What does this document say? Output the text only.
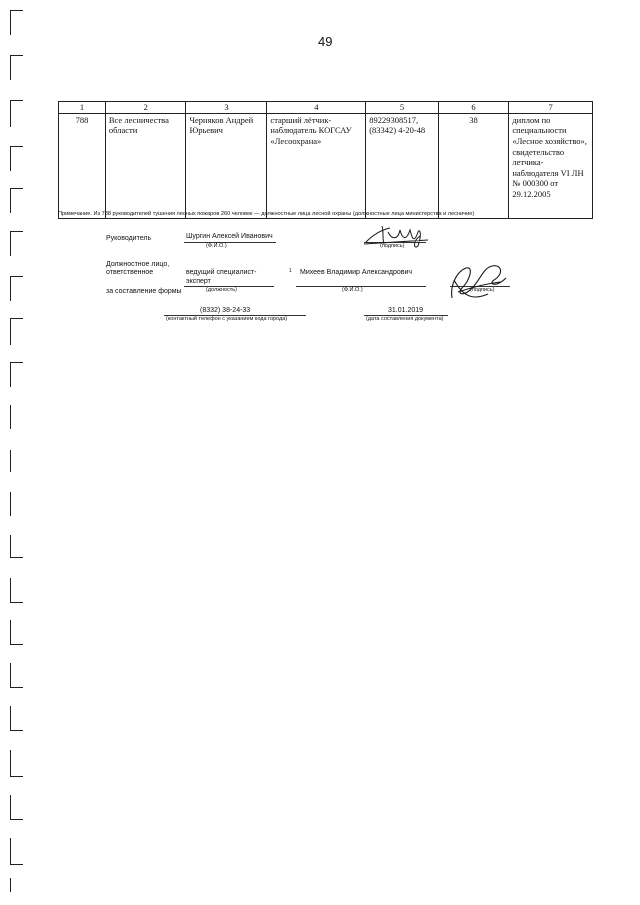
49
1	2	3	4	5	6	7
788	Все лесничества области	Черняков Андрей Юрьевич	старший лётчик-наблюдатель КОГСАУ «Лесоохрана»	89229308517, (83342) 4-20-48	38	диплом по специальности «Лесное хозяйство», свидетельство летчика-наблюдателя VI ЛН № 000300 от 29.12.2005
Примечание. Из 788 руководителей тушения лесных пожаров 260 человек — должностные лица лесной охраны (должностные лица министерства и лесничие)
Руководитель	Шургин Алексей Иванович
(Ф.И.О.)	(подпись)
Должностное лицо,
ответственное	ведущий специалист-
эксперт
1 Михеев Владимир Александрович
за составление формы	(должность)	(Ф.И.О.)	(подпись)
(8332) 38-24-33
(контактный телефон с указанием кода города)
31.01.2019
(дата составления документа)
